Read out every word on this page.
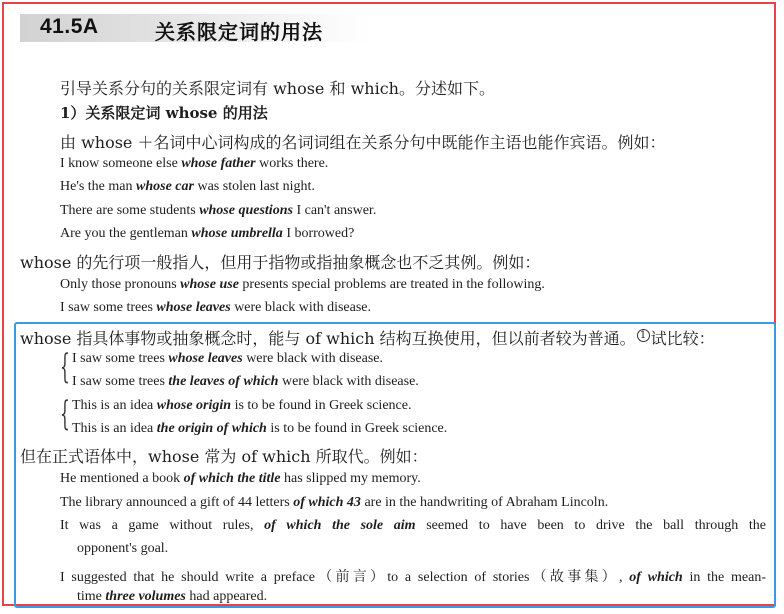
41.5A	关系限定词的用法
引导关系分句的关系限定词有 whose 和 which。分述如下。
1）关系限定词 whose 的用法
由 whose ＋名词中心词构成的名词词组在关系分句中既能作主语也能作宾语。例如：
I know someone else whose father works there.
He's the man whose car was stolen last night.
There are some students whose questions I can't answer.
Are you the gentleman whose umbrella I borrowed?
whose 的先行项一般指人，但用于指物或指抽象概念也不乏其例。例如：
Only those pronouns whose use presents special problems are treated in the following.
I saw some trees whose leaves were black with disease.
whose 指具体事物或抽象概念时，能与 of which 结构互换使用，但以前者较为普通。 1 试比较：
{ I saw some trees whose leaves were black with disease.
I saw some trees the leaves of which were black with disease.
{ This is an idea whose origin is to be found in Greek science.
This is an idea the origin of which is to be found in Greek science.
但在正式语体中，whose 常为 of which 所取代。例如：
He mentioned a book of which the title has slipped my memory.
The library announced a gift of 44 letters of which 43 are in the handwriting of Abraham Lincoln.
It was a game without rules, of which the sole aim seemed to have been to drive the ball through the
opponent's goal.
I suggested that he should write a preface（前言）to a selection of stories（故事集）, of which in the mean-
time three volumes had appeared.
